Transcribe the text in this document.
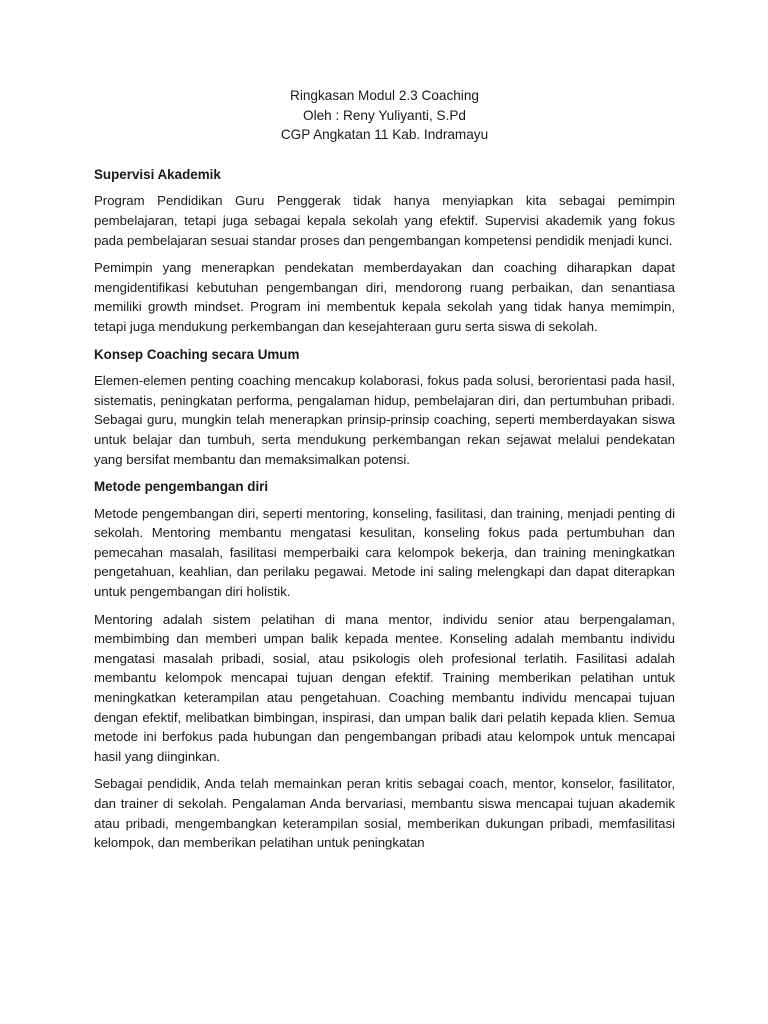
Ringkasan Modul 2.3 Coaching
Oleh : Reny Yuliyanti, S.Pd
CGP Angkatan 11 Kab. Indramayu
Supervisi Akademik

Program Pendidikan Guru Penggerak tidak hanya menyiapkan kita sebagai pemimpin pembelajaran, tetapi juga sebagai kepala sekolah yang efektif. Supervisi akademik yang fokus pada pembelajaran sesuai standar proses dan pengembangan kompetensi pendidik menjadi kunci.

Pemimpin yang menerapkan pendekatan memberdayakan dan coaching diharapkan dapat mengidentifikasi kebutuhan pengembangan diri, mendorong ruang perbaikan, dan senantiasa memiliki growth mindset. Program ini membentuk kepala sekolah yang tidak hanya memimpin, tetapi juga mendukung perkembangan dan kesejahteraan guru serta siswa di sekolah.

Konsep Coaching secara Umum

Elemen-elemen penting coaching mencakup kolaborasi, fokus pada solusi, berorientasi pada hasil, sistematis, peningkatan performa, pengalaman hidup, pembelajaran diri, dan pertumbuhan pribadi. Sebagai guru, mungkin telah menerapkan prinsip-prinsip coaching, seperti memberdayakan siswa untuk belajar dan tumbuh, serta mendukung perkembangan rekan sejawat melalui pendekatan yang bersifat membantu dan memaksimalkan potensi.

Metode pengembangan diri

Metode pengembangan diri, seperti mentoring, konseling, fasilitasi, dan training, menjadi penting di sekolah. Mentoring membantu mengatasi kesulitan, konseling fokus pada pertumbuhan dan pemecahan masalah, fasilitasi memperbaiki cara kelompok bekerja, dan training meningkatkan pengetahuan, keahlian, dan perilaku pegawai. Metode ini saling melengkapi dan dapat diterapkan untuk pengembangan diri holistik.

Mentoring adalah sistem pelatihan di mana mentor, individu senior atau berpengalaman, membimbing dan memberi umpan balik kepada mentee. Konseling adalah membantu individu mengatasi masalah pribadi, sosial, atau psikologis oleh profesional terlatih. Fasilitasi adalah membantu kelompok mencapai tujuan dengan efektif. Training memberikan pelatihan untuk meningkatkan keterampilan atau pengetahuan. Coaching membantu individu mencapai tujuan dengan efektif, melibatkan bimbingan, inspirasi, dan umpan balik dari pelatih kepada klien. Semua metode ini berfokus pada hubungan dan pengembangan pribadi atau kelompok untuk mencapai hasil yang diinginkan.

Sebagai pendidik, Anda telah memainkan peran kritis sebagai coach, mentor, konselor, fasilitator, dan trainer di sekolah. Pengalaman Anda bervariasi, membantu siswa mencapai tujuan akademik atau pribadi, mengembangkan keterampilan sosial, memberikan dukungan pribadi, memfasilitasi kelompok, dan memberikan pelatihan untuk peningkatan
